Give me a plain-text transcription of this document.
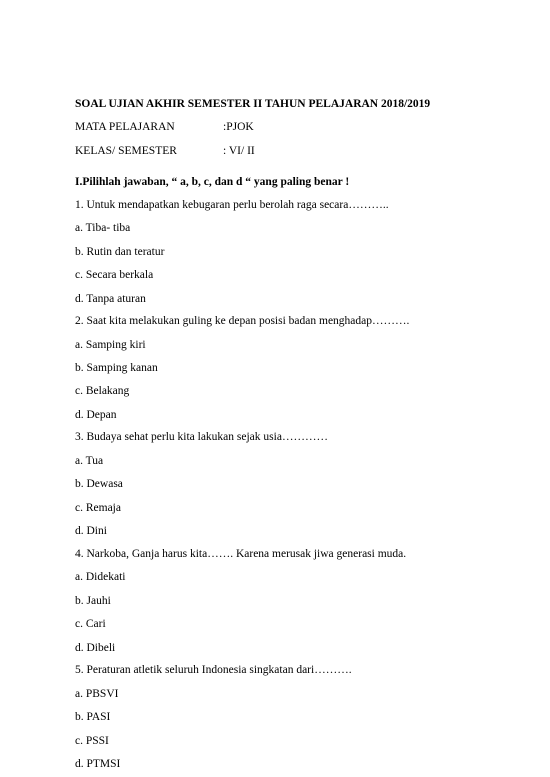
SOAL UJIAN AKHIR SEMESTER II TAHUN PELAJARAN 2018/2019
MATA PELAJARAN	:PJOK
KELAS/ SEMESTER	: VI/ II
I.Pilihlah jawaban, “ a, b, c, dan d “ yang paling benar !
1. Untuk mendapatkan kebugaran perlu berolah raga secara………..
a. Tiba- tiba
b. Rutin dan teratur
c. Secara berkala
d. Tanpa aturan
2. Saat kita melakukan guling ke depan posisi badan menghadap……….
a. Samping kiri
b. Samping kanan
c. Belakang
d. Depan
3. Budaya sehat perlu kita lakukan sejak usia…………
a. Tua
b. Dewasa
c. Remaja
d. Dini
4. Narkoba, Ganja harus kita……. Karena merusak jiwa generasi muda.
a. Didekati
b. Jauhi
c. Cari
d. Dibeli
5. Peraturan atletik seluruh Indonesia singkatan dari……….
a. PBSVI
b. PASI
c. PSSI
d. PTMSI
